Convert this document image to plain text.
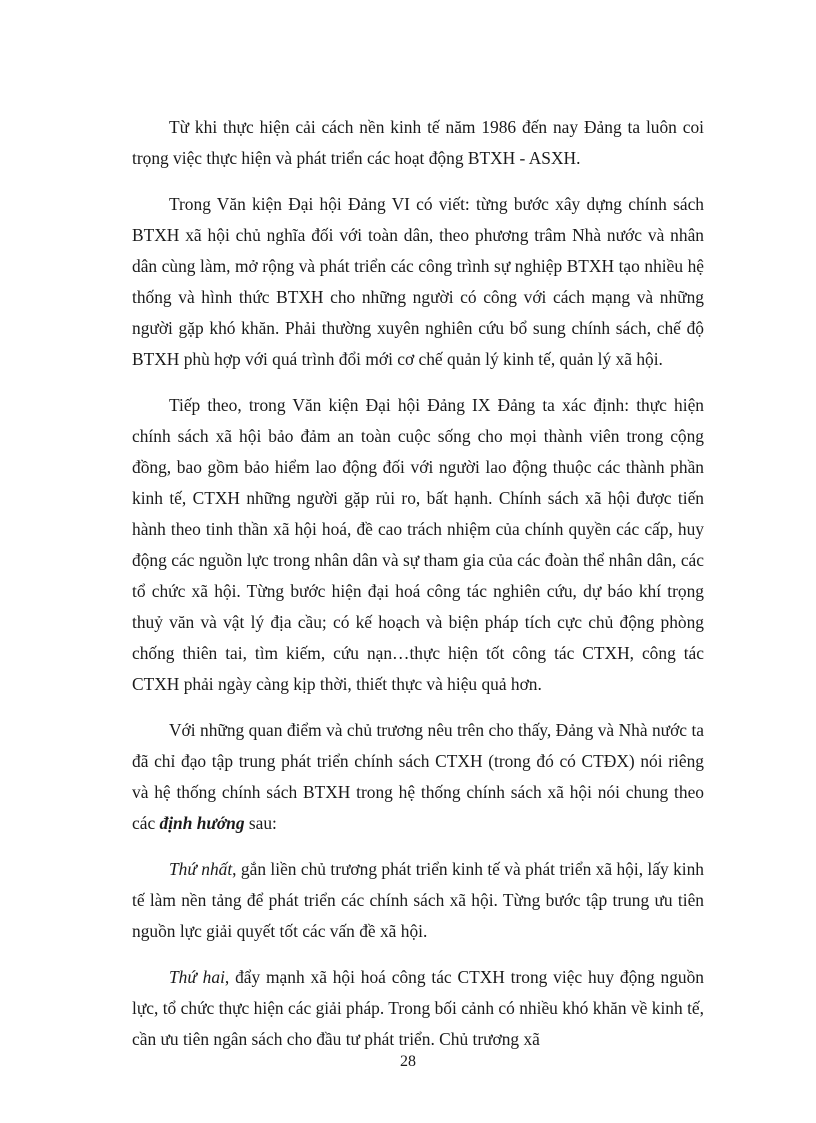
Từ khi thực hiện cải cách nền kinh tế năm 1986 đến nay Đảng ta luôn coi trọng việc thực hiện và phát triển các hoạt động BTXH - ASXH.

Trong Văn kiện Đại hội Đảng VI có viết: từng bước xây dựng chính sách BTXH xã hội chủ nghĩa đối với toàn dân, theo phương trâm Nhà nước và nhân dân cùng làm, mở rộng và phát triển các công trình sự nghiệp BTXH tạo nhiều hệ thống và hình thức BTXH cho những người có công với cách mạng và những người gặp khó khăn. Phải thường xuyên nghiên cứu bổ sung chính sách, chế độ BTXH phù hợp với quá trình đổi mới cơ chế quản lý kinh tế, quản lý xã hội.

Tiếp theo, trong Văn kiện Đại hội Đảng IX Đảng ta xác định: thực hiện chính sách xã hội bảo đảm an toàn cuộc sống cho mọi thành viên trong cộng đồng, bao gồm bảo hiểm lao động đối với người lao động thuộc các thành phần kinh tế, CTXH những người gặp rủi ro, bất hạnh. Chính sách xã hội được tiến hành theo tinh thần xã hội hoá, đề cao trách nhiệm của chính quyền các cấp, huy động các nguồn lực trong nhân dân và sự tham gia của các đoàn thể nhân dân, các tổ chức xã hội. Từng bước hiện đại hoá công tác nghiên cứu, dự báo khí trọng thuỷ văn và vật lý địa cầu; có kế hoạch và biện pháp tích cực chủ động phòng chống thiên tai, tìm kiếm, cứu nạn…thực hiện tốt công tác CTXH, công tác CTXH phải ngày càng kịp thời, thiết thực và hiệu quả hơn.

Với những quan điểm và chủ trương nêu trên cho thấy, Đảng và Nhà nước ta đã chỉ đạo tập trung phát triển chính sách CTXH (trong đó có CTĐX) nói riêng và hệ thống chính sách BTXH trong hệ thống chính sách xã hội nói chung theo các định hướng sau:

Thứ nhất, gắn liền chủ trương phát triển kinh tế và phát triển xã hội, lấy kinh tế làm nền tảng để phát triển các chính sách xã hội. Từng bước tập trung ưu tiên nguồn lực giải quyết tốt các vấn đề xã hội.

Thứ hai, đẩy mạnh xã hội hoá công tác CTXH trong việc huy động nguồn lực, tổ chức thực hiện các giải pháp. Trong bối cảnh có nhiều khó khăn về kinh tế, cần ưu tiên ngân sách cho đầu tư phát triển. Chủ trương xã

28
